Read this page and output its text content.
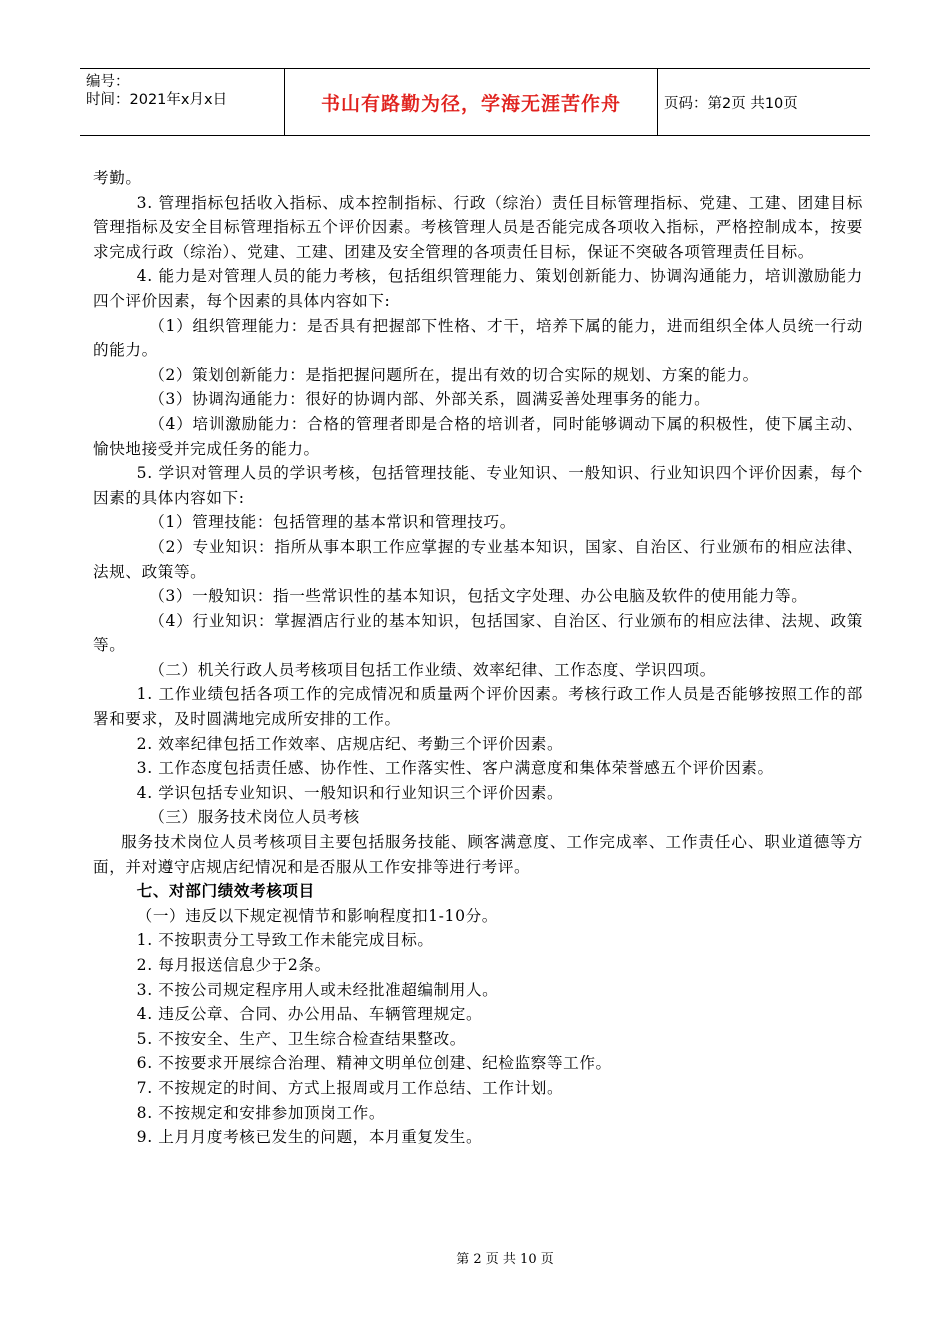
编号：
时间：2021年x月x日	书山有路勤为径，学海无涯苦作舟	页码：第2页 共10页

考勤。

3. 管理指标包括收入指标、成本控制指标、行政（综治）责任目标管理指标、党建、工建、团建目标管理指标及安全目标管理指标五个评价因素。考核管理人员是否能完成各项收入指标，严格控制成本，按要求完成行政（综治）、党建、工建、团建及安全管理的各项责任目标，保证不突破各项管理责任目标。

4. 能力是对管理人员的能力考核，包括组织管理能力、策划创新能力、协调沟通能力，培训激励能力四个评价因素，每个因素的具体内容如下:

（1）组织管理能力：是否具有把握部下性格、才干，培养下属的能力，进而组织全体人员统一行动的能力。

（2）策划创新能力：是指把握问题所在，提出有效的切合实际的规划、方案的能力。

（3）协调沟通能力：很好的协调内部、外部关系，圆满妥善处理事务的能力。

（4）培训激励能力：合格的管理者即是合格的培训者，同时能够调动下属的积极性，使下属主动、愉快地接受并完成任务的能力。

5. 学识对管理人员的学识考核，包括管理技能、专业知识、一般知识、行业知识四个评价因素，每个因素的具体内容如下:

（1）管理技能：包括管理的基本常识和管理技巧。

（2）专业知识：指所从事本职工作应掌握的专业基本知识，国家、自治区、行业颁布的相应法律、法规、政策等。

（3）一般知识：指一些常识性的基本知识，包括文字处理、办公电脑及软件的使用能力等。

（4）行业知识：掌握酒店行业的基本知识，包括国家、自治区、行业颁布的相应法律、法规、政策等。

（二）机关行政人员考核项目包括工作业绩、效率纪律、工作态度、学识四项。

1. 工作业绩包括各项工作的完成情况和质量两个评价因素。考核行政工作人员是否能够按照工作的部署和要求，及时圆满地完成所安排的工作。

2. 效率纪律包括工作效率、店规店纪、考勤三个评价因素。

3. 工作态度包括责任感、协作性、工作落实性、客户满意度和集体荣誉感五个评价因素。

4. 学识包括专业知识、一般知识和行业知识三个评价因素。

（三）服务技术岗位人员考核

服务技术岗位人员考核项目主要包括服务技能、顾客满意度、工作完成率、工作责任心、职业道德等方面，并对遵守店规店纪情况和是否服从工作安排等进行考评。

七、对部门绩效考核项目

（一）违反以下规定视情节和影响程度扣1-10分。

1. 不按职责分工导致工作未能完成目标。

2. 每月报送信息少于2条。

3. 不按公司规定程序用人或未经批准超编制用人。

4. 违反公章、合同、办公用品、车辆管理规定。

5. 不按安全、生产、卫生综合检查结果整改。

6. 不按要求开展综合治理、精神文明单位创建、纪检监察等工作。

7. 不按规定的时间、方式上报周或月工作总结、工作计划。

8. 不按规定和安排参加顶岗工作。

9. 上月月度考核已发生的问题，本月重复发生。

第 2 页 共 10 页
